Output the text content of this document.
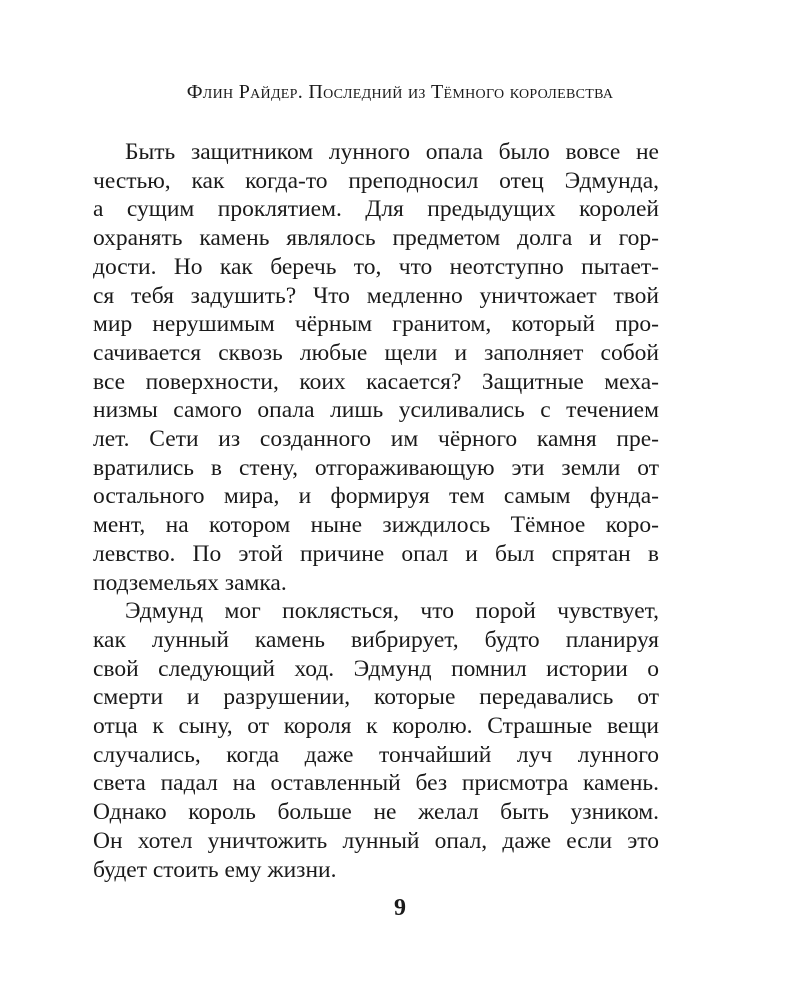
Флин Райдер. Последний из Тёмного королевства
Быть защитником лунного опала было вовсе не
честью, как когда-то преподносил отец Эдмунда,
а сущим проклятием. Для предыдущих королей
охранять камень являлось предметом долга и гор-
дости. Но как беречь то, что неотступно пытает-
ся тебя задушить? Что медленно уничтожает твой
мир нерушимым чёрным гранитом, который про-
сачивается сквозь любые щели и заполняет собой
все поверхности, коих касается? Защитные меха-
низмы самого опала лишь усиливались с течением
лет. Сети из созданного им чёрного камня пре-
вратились в стену, отгораживающую эти земли от
остального мира, и формируя тем самым фунда-
мент, на котором ныне зиждилось Тёмное коро-
левство. По этой причине опал и был спрятан в
подземельях замка.
Эдмунд мог поклясться, что порой чувствует,
как лунный камень вибрирует, будто планируя
свой следующий ход. Эдмунд помнил истории о
смерти и разрушении, которые передавались от
отца к сыну, от короля к королю. Страшные вещи
случались, когда даже тончайший луч лунного
света падал на оставленный без присмотра камень.
Однако король больше не желал быть узником.
Он хотел уничтожить лунный опал, даже если это
будет стоить ему жизни.
9
